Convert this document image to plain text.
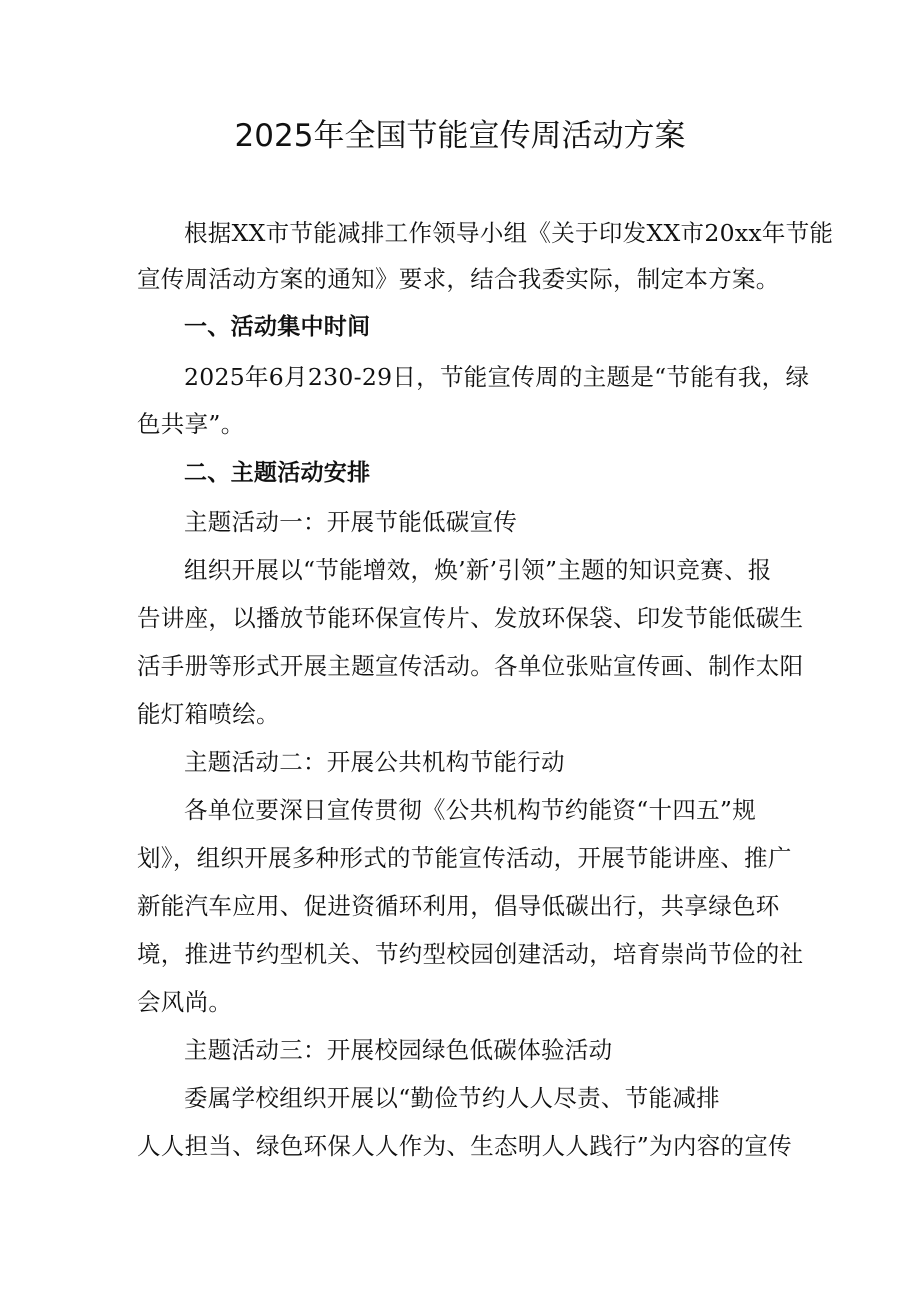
2025年全国节能宣传周活动方案
根据XX市节能减排工作领导小组《关于印发XX市20xx年节能
宣传周活动方案的通知》要求，结合我委实际，制定本方案。
一、活动集中时间
2025年6月230-29日，节能宣传周的主题是“节能有我，绿
色共享”。
二、主题活动安排
主题活动一：开展节能低碳宣传
组织开展以“节能增效，焕’新’引领”主题的知识竞赛、报
告讲座，以播放节能环保宣传片、发放环保袋、印发节能低碳生
活手册等形式开展主题宣传活动。各单位张贴宣传画、制作太阳
能灯箱喷绘。
主题活动二：开展公共机构节能行动
各单位要深日宣传贯彻《公共机构节约能资“十四五”规
划》，组织开展多种形式的节能宣传活动，开展节能讲座、推广
新能汽车应用、促进资循环利用，倡导低碳出行，共享绿色环
境，推进节约型机关、节约型校园创建活动，培育崇尚节俭的社
会风尚。
主题活动三：开展校园绿色低碳体验活动
委属学校组织开展以“勤俭节约人人尽责、节能减排
人人担当、绿色环保人人作为、生态明人人践行”为内容的宣传
